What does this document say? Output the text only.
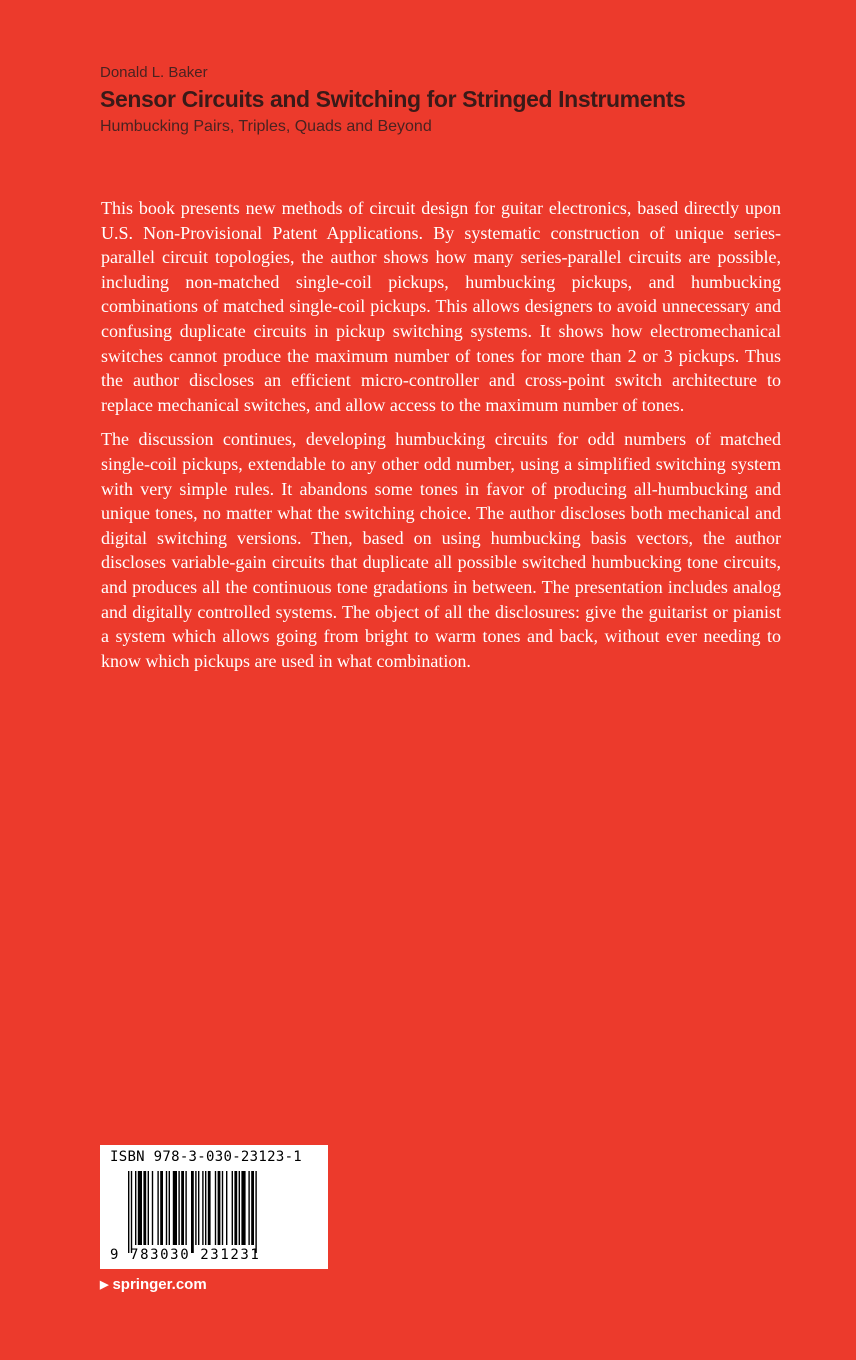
Donald L. Baker

Sensor Circuits and Switching for Stringed Instruments

Humbucking Pairs, Triples, Quads and Beyond

This book presents new methods of circuit design for guitar electronics, based directly upon U.S. Non-Provisional Patent Applications. By systematic construction of unique series-parallel circuit topologies, the author shows how many series-parallel circuits are possible, including non-matched single-coil pickups, humbucking pickups, and humbucking combinations of matched single-coil pickups. This allows designers to avoid unnecessary and confusing duplicate circuits in pickup switching systems. It shows how electromechanical switches cannot produce the maximum number of tones for more than 2 or 3 pickups. Thus the author discloses an efficient micro-controller and cross-point switch architecture to replace mechanical switches, and allow access to the maximum number of tones.

The discussion continues, developing humbucking circuits for odd numbers of matched single-coil pickups, extendable to any other odd number, using a simplified switching system with very simple rules. It abandons some tones in favor of producing all-humbucking and unique tones, no matter what the switching choice. The author discloses both mechanical and digital switching versions. Then, based on using humbucking basis vectors, the author discloses variable-gain circuits that duplicate all possible switched humbucking tone circuits, and produces all the continuous tone gradations in between. The presentation includes analog and digitally controlled systems. The object of all the disclosures: give the guitarist or pianist a system which allows going from bright to warm tones and back, without ever needing to know which pickups are used in what combination.

ISBN 978-3-030-23123-1
9 783030 231231
▶ springer.com
